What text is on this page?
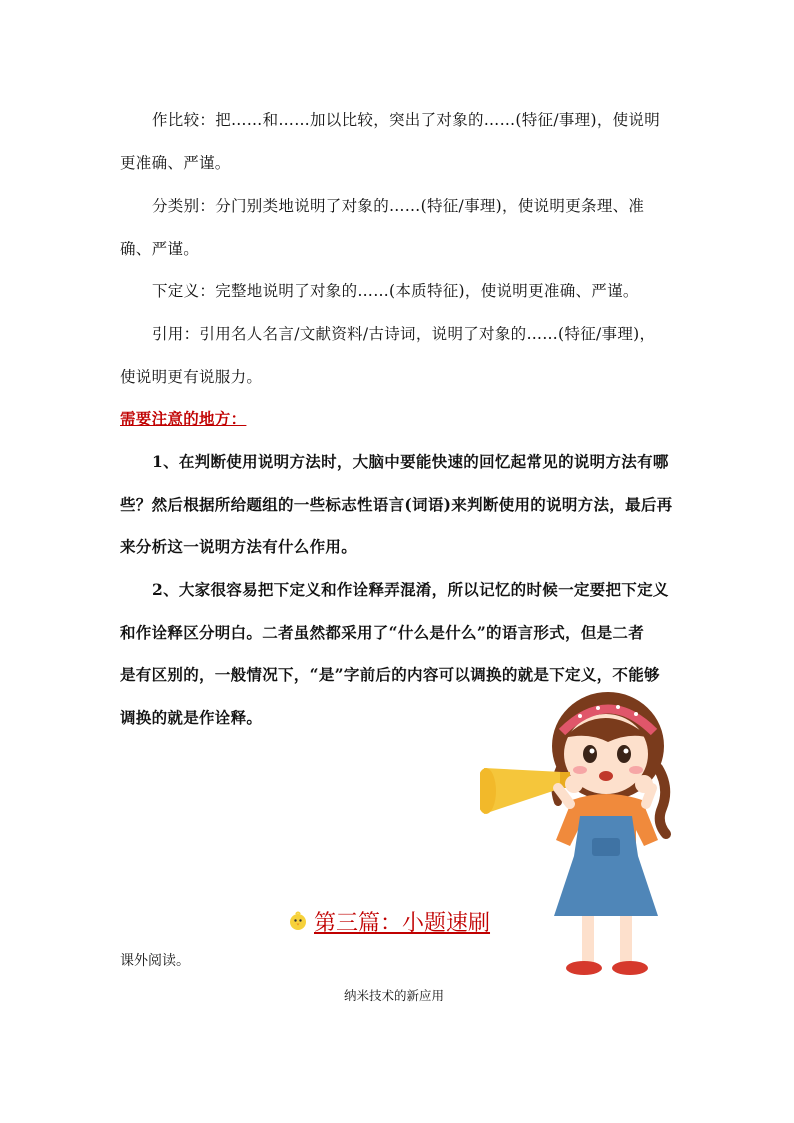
作比较：把……和……加以比较，突出了对象的……(特征/事理)，使说明
更准确、严谨。
分类别：分门别类地说明了对象的……(特征/事理)，使说明更条理、准
确、严谨。
下定义：完整地说明了对象的……(本质特征)，使说明更准确、严谨。
引用：引用名人名言/文献资料/古诗词，说明了对象的……(特征/事理)，
使说明更有说服力。
需要注意的地方：
1、在判断使用说明方法时，大脑中要能快速的回忆起常见的说明方法有哪
些？然后根据所给题组的一些标志性语言(词语)来判断使用的说明方法，最后再
来分析这一说明方法有什么作用。
2、大家很容易把下定义和作诠释弄混淆，所以记忆的时候一定要把下定义
和作诠释区分明白。二者虽然都采用了“什么是什么”的语言形式，但是二者
是有区别的，一般情况下，“是”字前后的内容可以调换的就是下定义，不能够
调换的就是作诠释。
第三篇：小题速刷
课外阅读。
纳米技术的新应用
